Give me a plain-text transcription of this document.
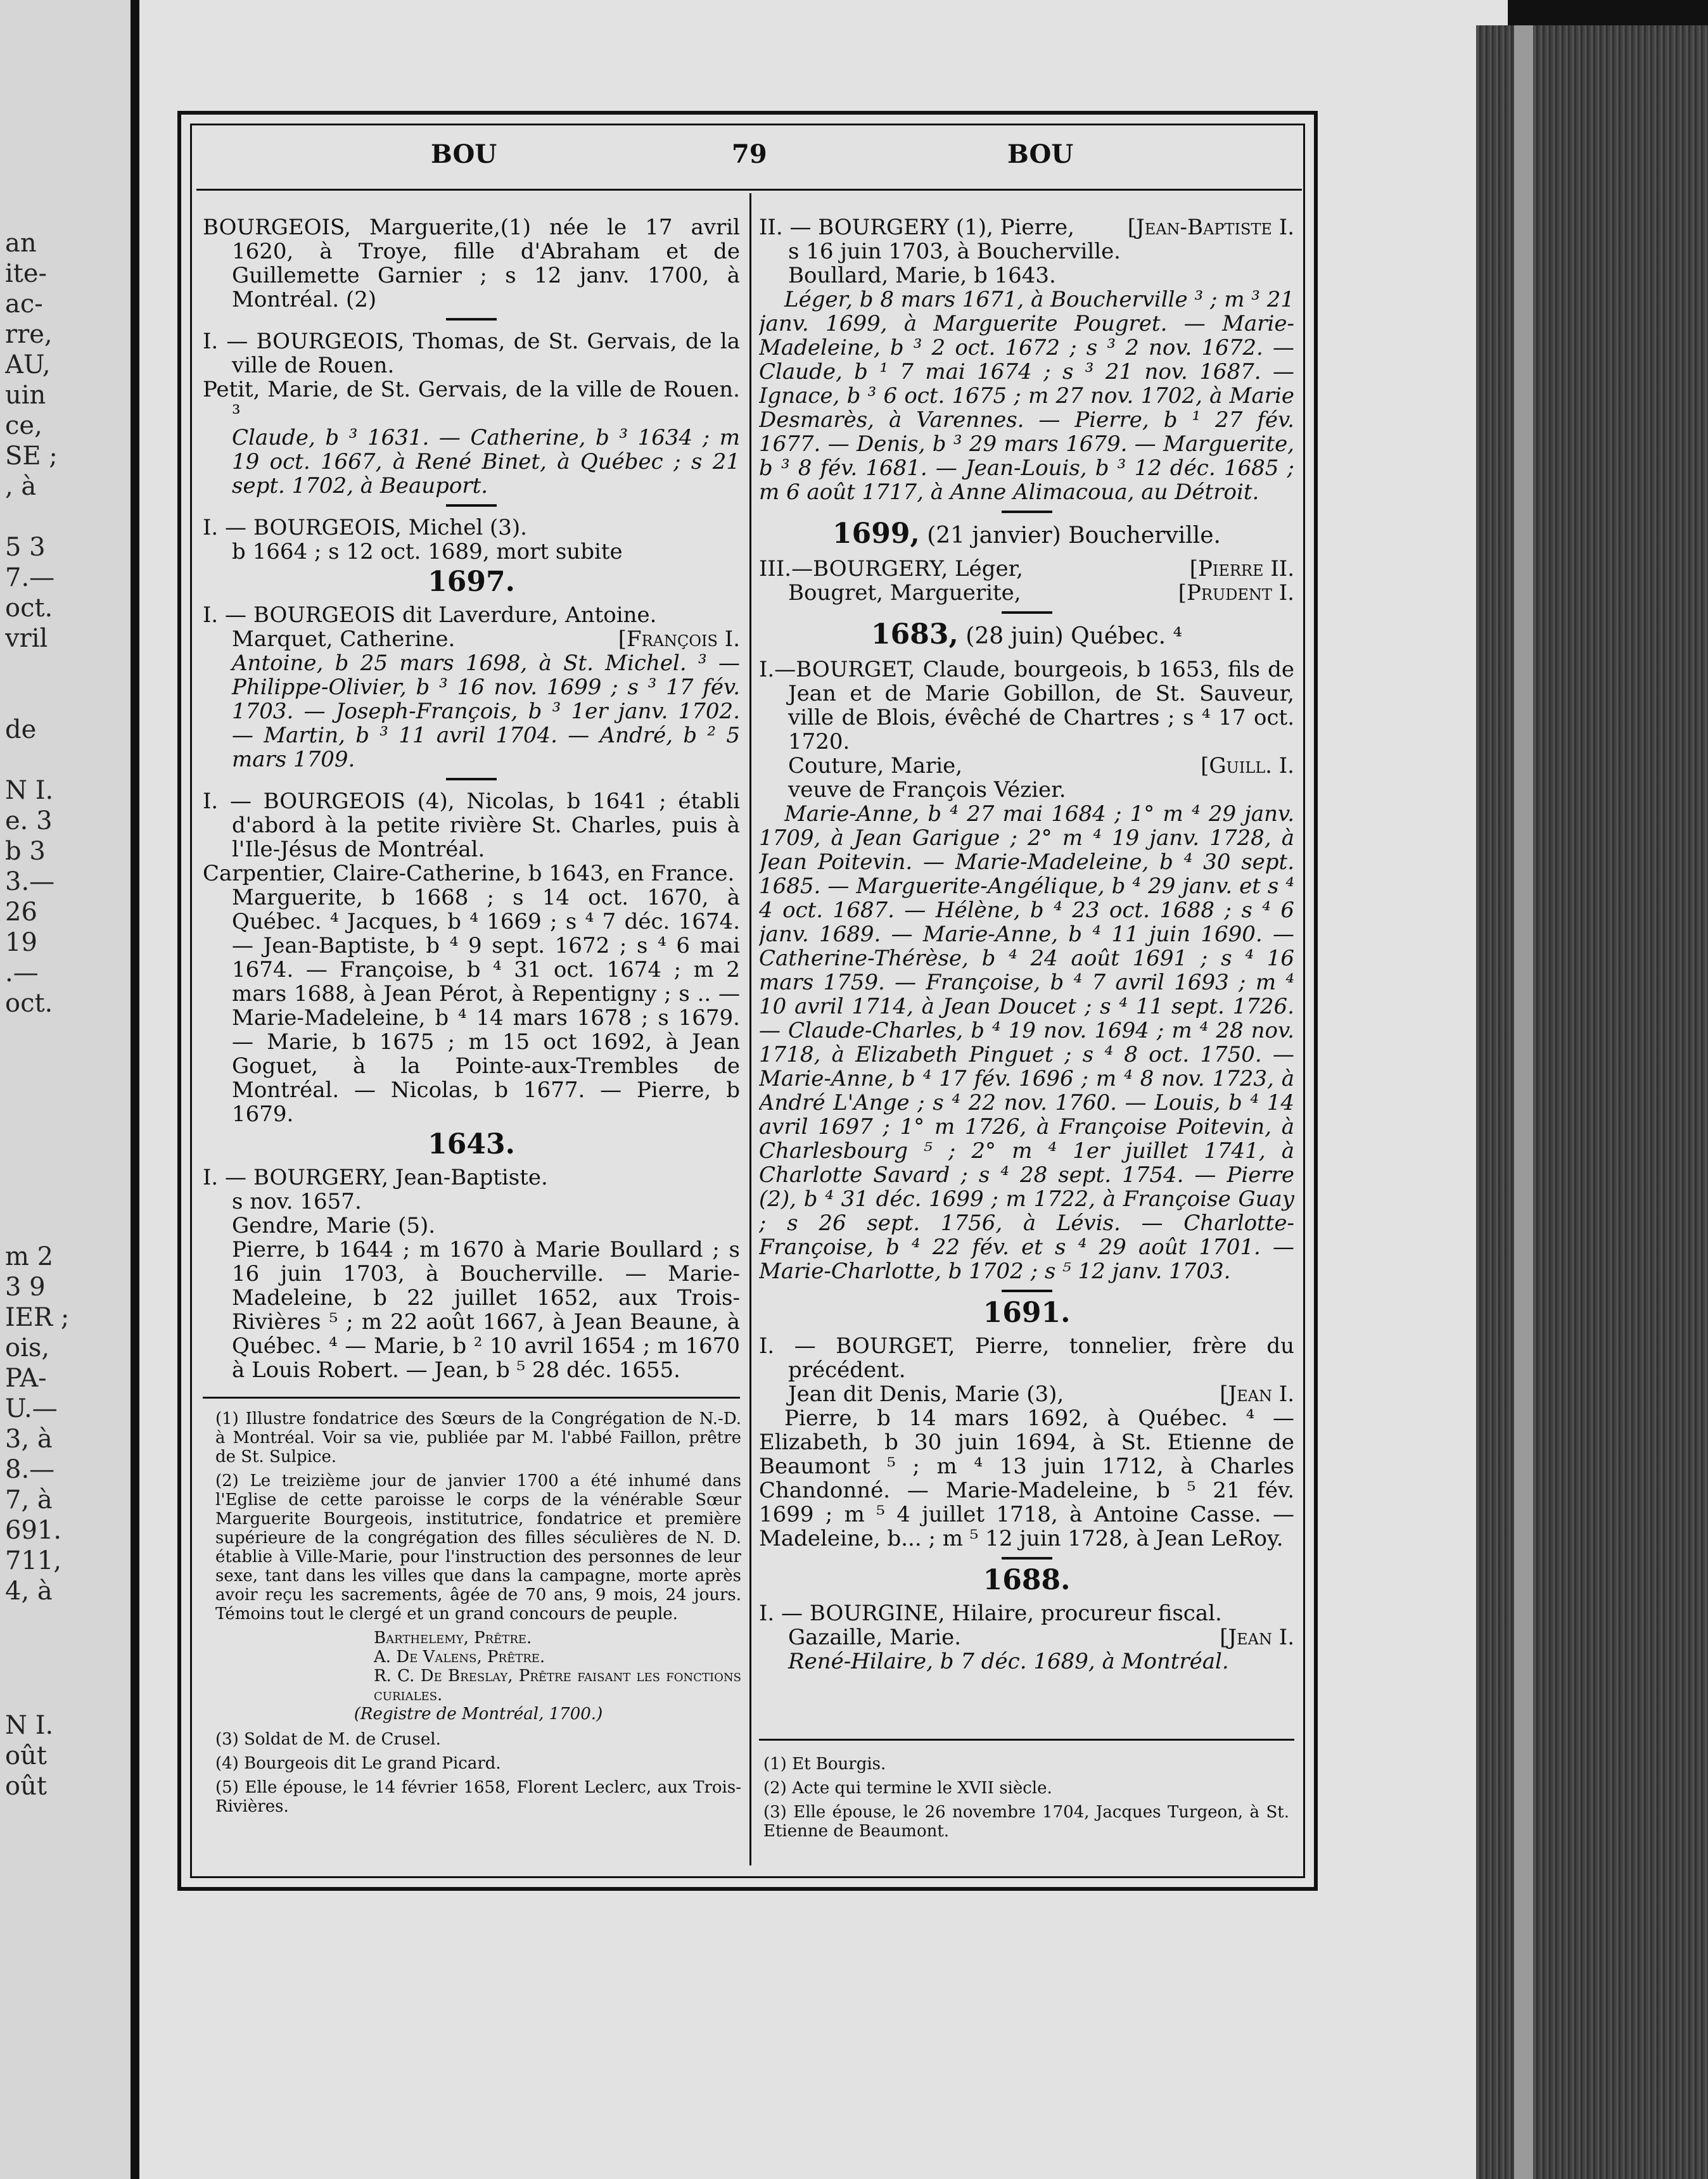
an
ite-
ac-
rre,
AU,
uin
ce,
SE ;
, à

5 3
7.—
oct.
vril

de

N I.
e. 3
b 3
3.—
26
19
.—
oct.
m 2
3 9
IER ;
ois,
PA-
U.—
3, à
8.—
7, à
691.
711,
4, à
N I.
oût
oût
BOU	79	BOU

BOURGEOIS, Marguerite,(1) née le 17 avril 1620, à Troye, fille d'Abraham et de Guillemette Garnier ; s 12 janv. 1700, à Montréal. (2)

I. — BOURGEOIS, Thomas, de St. Gervais, de la ville de Rouen.

Petit, Marie, de St. Gervais, de la ville de Rouen. ³

Claude, b ³ 1631. — Catherine, b ³ 1634 ; m 19 oct. 1667, à René Binet, à Québec ; s 21 sept. 1702, à Beauport.

I. — BOURGEOIS, Michel (3).

b 1664 ; s 12 oct. 1689, mort subite

1697.

I. — BOURGEOIS dit Laverdure, Antoine.

Marquet, Catherine.	[François I.

Antoine, b 25 mars 1698, à St. Michel. ³ — Philippe-Olivier, b ³ 16 nov. 1699 ; s ³ 17 fév. 1703. — Joseph-François, b ³ 1er janv. 1702. — Martin, b ³ 11 avril 1704. — André, b ² 5 mars 1709.

I. — BOURGEOIS (4), Nicolas, b 1641 ; établi d'abord à la petite rivière St. Charles, puis à l'Ile-Jésus de Montréal.

Carpentier, Claire-Catherine, b 1643, en France.

Marguerite, b 1668 ; s 14 oct. 1670, à Québec. ⁴ Jacques, b ⁴ 1669 ; s ⁴ 7 déc. 1674. — Jean-Baptiste, b ⁴ 9 sept. 1672 ; s ⁴ 6 mai 1674. — Françoise, b ⁴ 31 oct. 1674 ; m 2 mars 1688, à Jean Pérot, à Repentigny ; s .. — Marie-Madeleine, b ⁴ 14 mars 1678 ; s 1679. — Marie, b 1675 ; m 15 oct 1692, à Jean Goguet, à la Pointe-aux-Trembles de Montréal. — Nicolas, b 1677. — Pierre, b 1679.

1643.

I. — BOURGERY, Jean-Baptiste.

s nov. 1657.

Gendre, Marie (5).

Pierre, b 1644 ; m 1670 à Marie Boullard ; s 16 juin 1703, à Boucherville. — Marie-Madeleine, b 22 juillet 1652, aux Trois-Rivières ⁵ ; m 22 août 1667, à Jean Beaune, à Québec. ⁴ — Marie, b ² 10 avril 1654 ; m 1670 à Louis Robert. — Jean, b ⁵ 28 déc. 1655.

(1) Illustre fondatrice des Sœurs de la Congrégation de N.-D. à Montréal. Voir sa vie, publiée par M. l'abbé Faillon, prêtre de St. Sulpice.

(2) Le treizième jour de janvier 1700 a été inhumé dans l'Eglise de cette paroisse le corps de la vénérable Sœur Marguerite Bourgeois, institutrice, fondatrice et première supérieure de la congrégation des filles séculières de N. D. établie à Ville-Marie, pour l'instruction des personnes de leur sexe, tant dans les villes que dans la campagne, morte après avoir reçu les sacrements, âgée de 70 ans, 9 mois, 24 jours. Témoins tout le clergé et un grand concours de peuple.

Barthelemy, Prêtre.

A. De Valens, Prêtre.

R. C. De Breslay, Prêtre faisant les fonctions curiales.

(Registre de Montréal, 1700.)

(3) Soldat de M. de Crusel.

(4) Bourgeois dit Le grand Picard.

(5) Elle épouse, le 14 février 1658, Florent Leclerc, aux Trois-Rivières.

II. — BOURGERY (1), Pierre, [Jean-Baptiste I.

s 16 juin 1703, à Boucherville.

Boullard, Marie, b 1643.

Léger, b 8 mars 1671, à Boucherville ³ ; m ³ 21 janv. 1699, à Marguerite Pougret. — Marie-Madeleine, b ³ 2 oct. 1672 ; s ³ 2 nov. 1672. — Claude, b ¹ 7 mai 1674 ; s ³ 21 nov. 1687. — Ignace, b ³ 6 oct. 1675 ; m 27 nov. 1702, à Marie Desmarès, à Varennes. — Pierre, b ¹ 27 fév. 1677. — Denis, b ³ 29 mars 1679. — Marguerite, b ³ 8 fév. 1681. — Jean-Louis, b ³ 12 déc. 1685 ; m 6 août 1717, à Anne Alimacoua, au Détroit.

1699, (21 janvier) Boucherville.

III.—BOURGERY, Léger,	[Pierre II.

Bougret, Marguerite,	[Prudent I.

1683, (28 juin) Québec. ⁴

I.—BOURGET, Claude, bourgeois, b 1653, fils de Jean et de Marie Gobillon, de St. Sauveur, ville de Blois, évêché de Chartres ; s ⁴ 17 oct. 1720.

Couture, Marie,	[Guill. I.

veuve de François Vézier.

Marie-Anne, b ⁴ 27 mai 1684 ; 1° m ⁴ 29 janv. 1709, à Jean Garigue ; 2° m ⁴ 19 janv. 1728, à Jean Poitevin. — Marie-Madeleine, b ⁴ 30 sept. 1685. — Marguerite-Angélique, b ⁴ 29 janv. et s ⁴ 4 oct. 1687. — Hélène, b ⁴ 23 oct. 1688 ; s ⁴ 6 janv. 1689. — Marie-Anne, b ⁴ 11 juin 1690. — Catherine-Thérèse, b ⁴ 24 août 1691 ; s ⁴ 16 mars 1759. — Françoise, b ⁴ 7 avril 1693 ; m ⁴ 10 avril 1714, à Jean Doucet ; s ⁴ 11 sept. 1726. — Claude-Charles, b ⁴ 19 nov. 1694 ; m ⁴ 28 nov. 1718, à Elizabeth Pinguet ; s ⁴ 8 oct. 1750. — Marie-Anne, b ⁴ 17 fév. 1696 ; m ⁴ 8 nov. 1723, à André L'Ange ; s ⁴ 22 nov. 1760. — Louis, b ⁴ 14 avril 1697 ; 1° m 1726, à Françoise Poitevin, à Charlesbourg ⁵ ; 2° m ⁴ 1er juillet 1741, à Charlotte Savard ; s ⁴ 28 sept. 1754. — Pierre (2), b ⁴ 31 déc. 1699 ; m 1722, à Françoise Guay ; s 26 sept. 1756, à Lévis. — Charlotte-Françoise, b ⁴ 22 fév. et s ⁴ 29 août 1701. — Marie-Charlotte, b 1702 ; s ⁵ 12 janv. 1703.

1691.

I. — BOURGET, Pierre, tonnelier, frère du précédent.

Jean dit Denis, Marie (3),	[Jean I.

Pierre, b 14 mars 1692, à Québec. ⁴ — Elizabeth, b 30 juin 1694, à St. Etienne de Beaumont ⁵ ; m ⁴ 13 juin 1712, à Charles Chandonné. — Marie-Madeleine, b ⁵ 21 fév. 1699 ; m ⁵ 4 juillet 1718, à Antoine Casse. — Madeleine, b... ; m ⁵ 12 juin 1728, à Jean LeRoy.

1688.

I. — BOURGINE, Hilaire, procureur fiscal.

Gazaille, Marie.	[Jean I.

René-Hilaire, b 7 déc. 1689, à Montréal.

(1) Et Bourgis.

(2) Acte qui termine le XVII siècle.

(3) Elle épouse, le 26 novembre 1704, Jacques Turgeon, à St. Etienne de Beaumont.
